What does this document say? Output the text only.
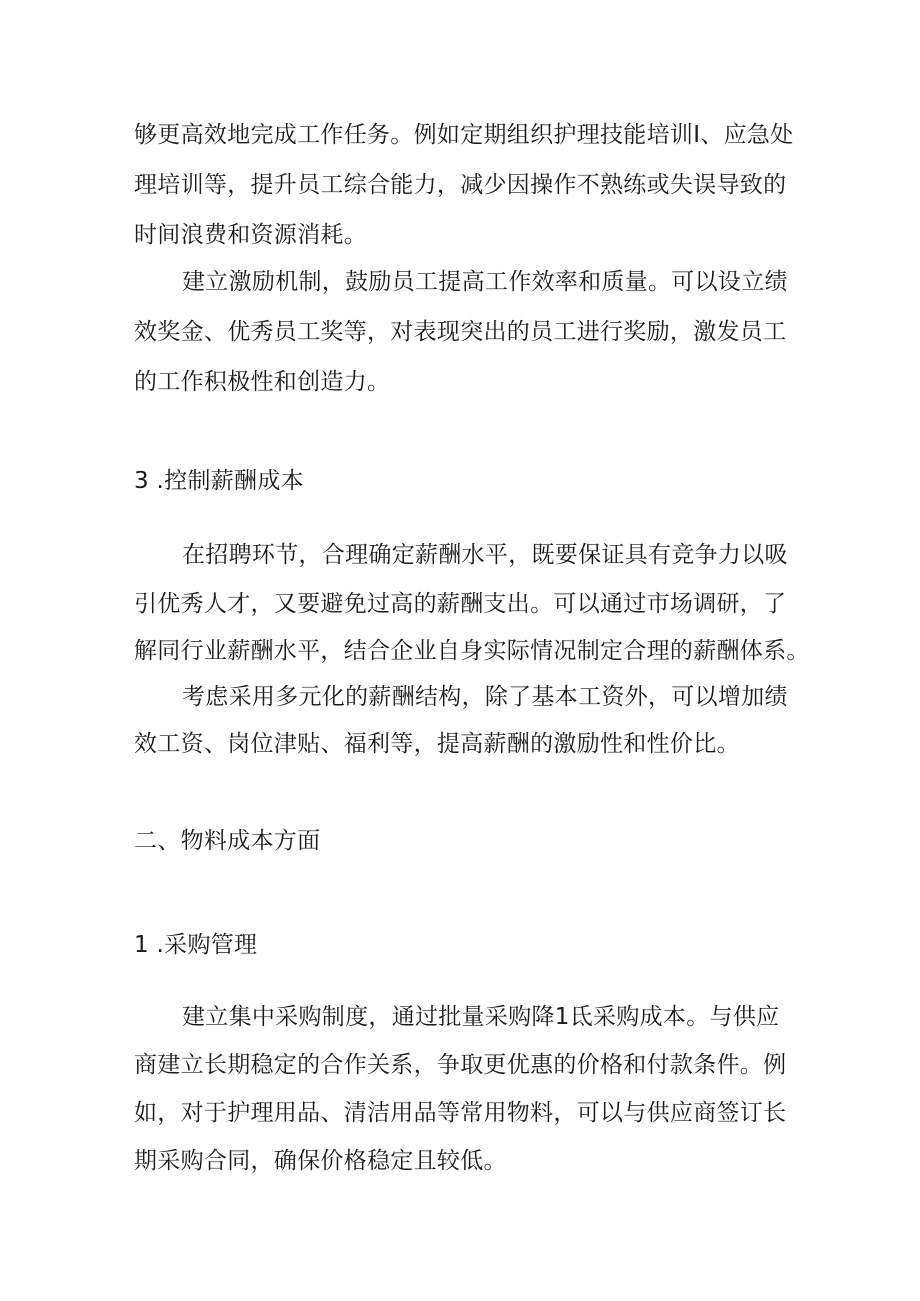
够更高效地完成工作任务。例如定期组织护理技能培训I、应急处
理培训等，提升员工综合能力，减少因操作不熟练或失误导致的
时间浪费和资源消耗。
建立激励机制，鼓励员工提高工作效率和质量。可以设立绩
效奖金、优秀员工奖等，对表现突出的员工进行奖励，激发员工
的工作积极性和创造力。
3 .控制薪酬成本
在招聘环节，合理确定薪酬水平，既要保证具有竞争力以吸
引优秀人才，又要避免过高的薪酬支出。可以通过市场调研，了
解同行业薪酬水平，结合企业自身实际情况制定合理的薪酬体系。
考虑采用多元化的薪酬结构，除了基本工资外，可以增加绩
效工资、岗位津贴、福利等，提高薪酬的激励性和性价比。
二、物料成本方面
1 .采购管理
建立集中采购制度，通过批量采购降1氐采购成本。与供应
商建立长期稳定的合作关系，争取更优惠的价格和付款条件。例
如，对于护理用品、清洁用品等常用物料，可以与供应商签订长
期采购合同，确保价格稳定且较低。
